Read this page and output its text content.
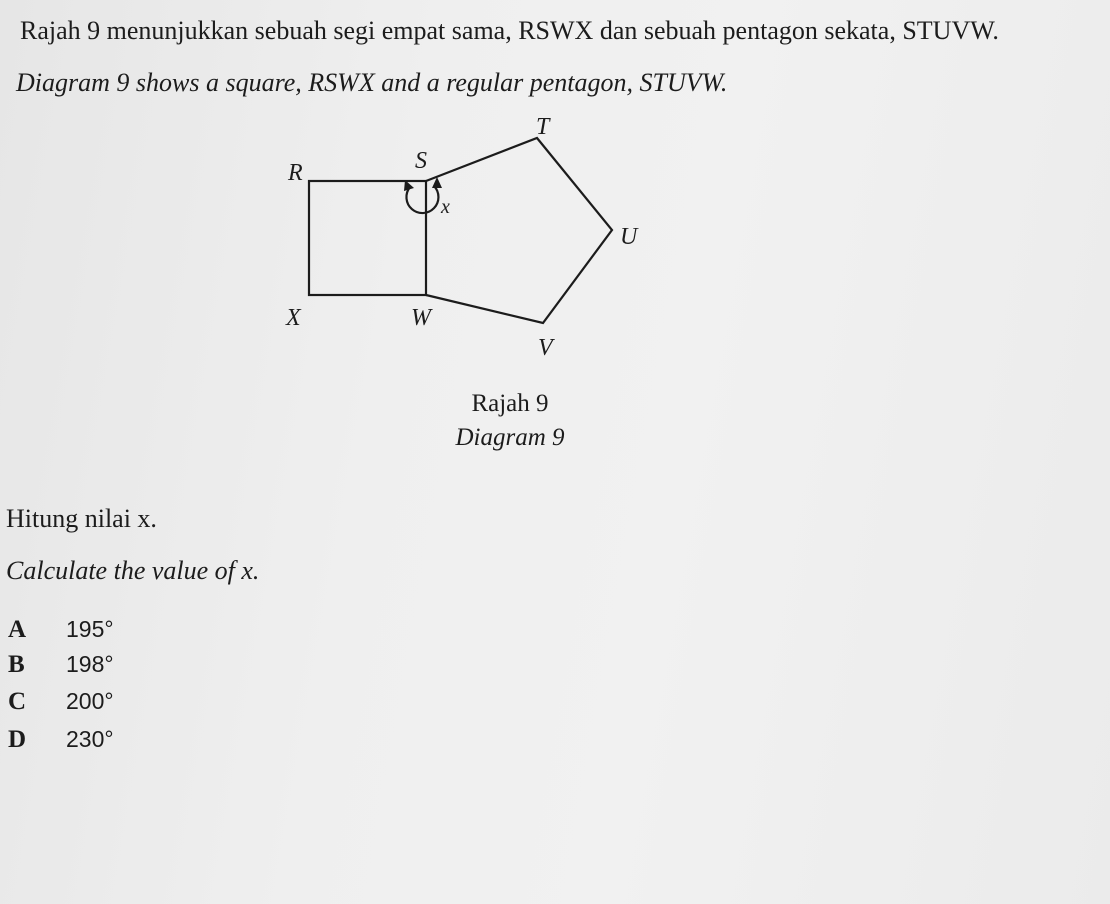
Rajah 9 menunjukkan sebuah segi empat sama, RSWX dan sebuah pentagon sekata, STUVW.
Diagram 9 shows a square, RSWX and a regular pentagon, STUVW.
R	S
T
U
V
W
X
x
Rajah 9
Diagram 9
Hitung nilai x.
Calculate the value of x.
A 195°
B 198°
C 200°
D 230°
